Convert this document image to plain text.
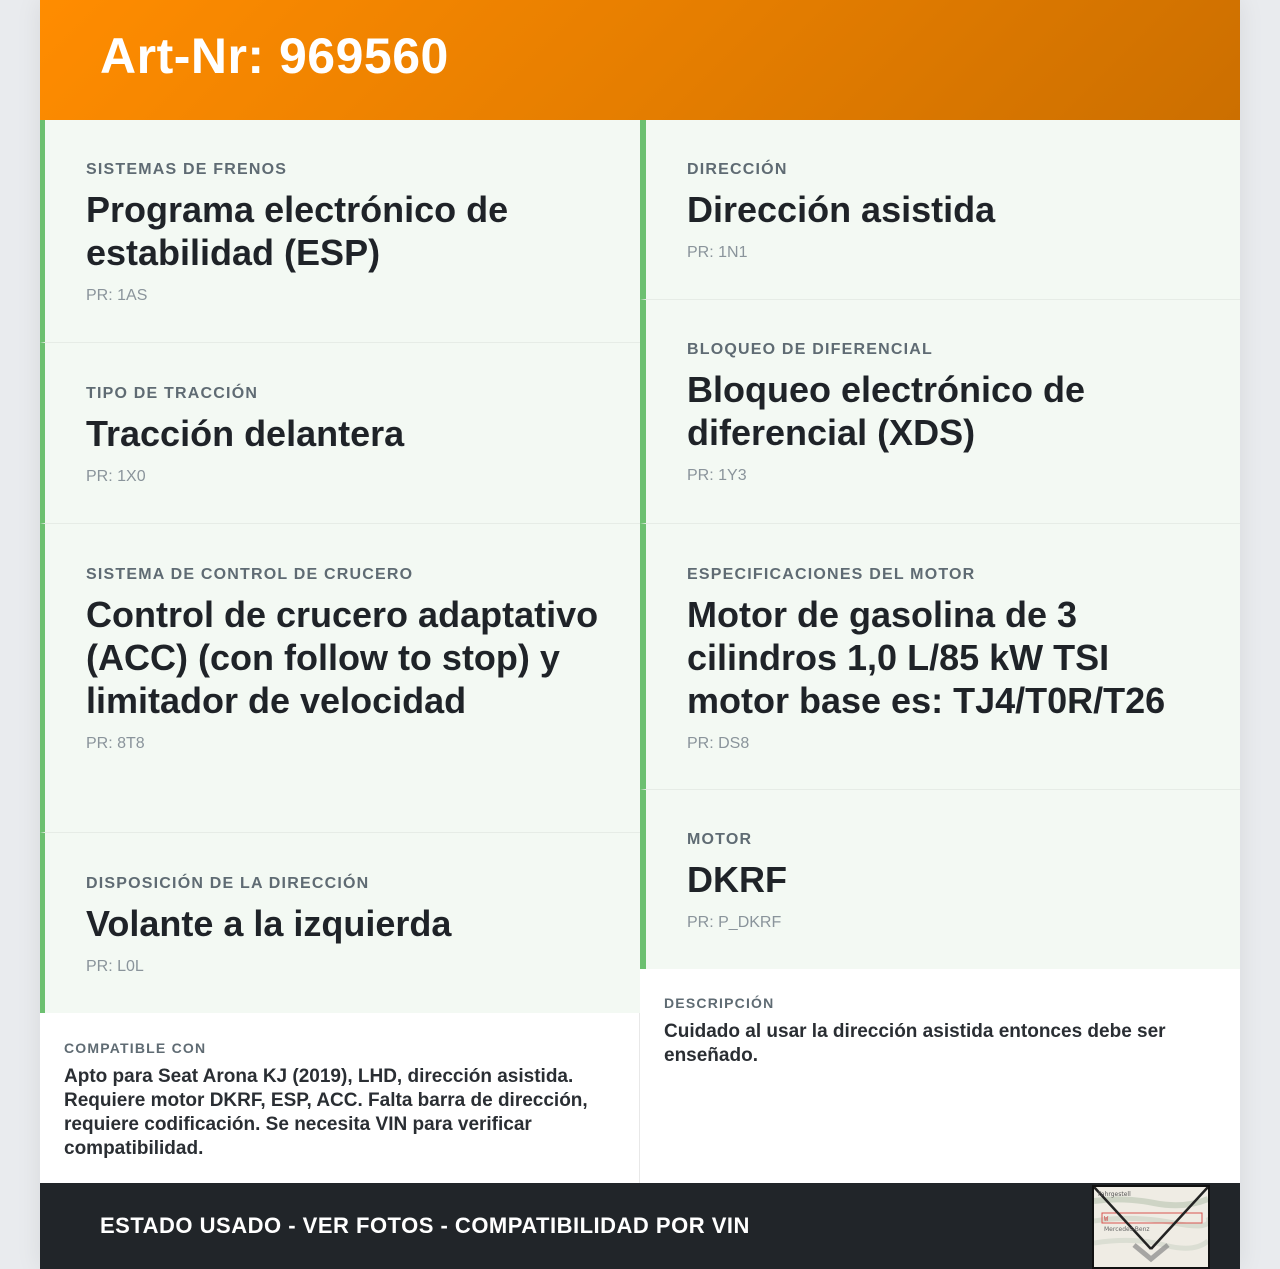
Art-Nr: 969560
SISTEMAS DE FRENOS
Programa electrónico de estabilidad (ESP)
PR: 1AS
TIPO DE TRACCIÓN
Tracción delantera
PR: 1X0
SISTEMA DE CONTROL DE CRUCERO
Control de crucero adaptativo (ACC) (con follow to stop) y limitador de velocidad
PR: 8T8
DISPOSICIÓN DE LA DIRECCIÓN
Volante a la izquierda
PR: L0L
DIRECCIÓN
Dirección asistida
PR: 1N1
BLOQUEO DE DIFERENCIAL
Bloqueo electrónico de diferencial (XDS)
PR: 1Y3
ESPECIFICACIONES DEL MOTOR
Motor de gasolina de 3 cilindros 1,0 L/85 kW TSI motor base es: TJ4/T0R/T26
PR: DS8
MOTOR
DKRF
PR: P_DKRF
COMPATIBLE CON
Apto para Seat Arona KJ (2019), LHD, dirección asistida. Requiere motor DKRF, ESP, ACC. Falta barra de dirección, requiere codificación. Se necesita VIN para verificar compatibilidad.
DESCRIPCIÓN
Cuidado al usar la dirección asistida entonces debe ser enseñado.
ESTADO USADO - VER FOTOS - COMPATIBILIDAD POR VIN
Fahrgestell
W
Mercedes-Benz
